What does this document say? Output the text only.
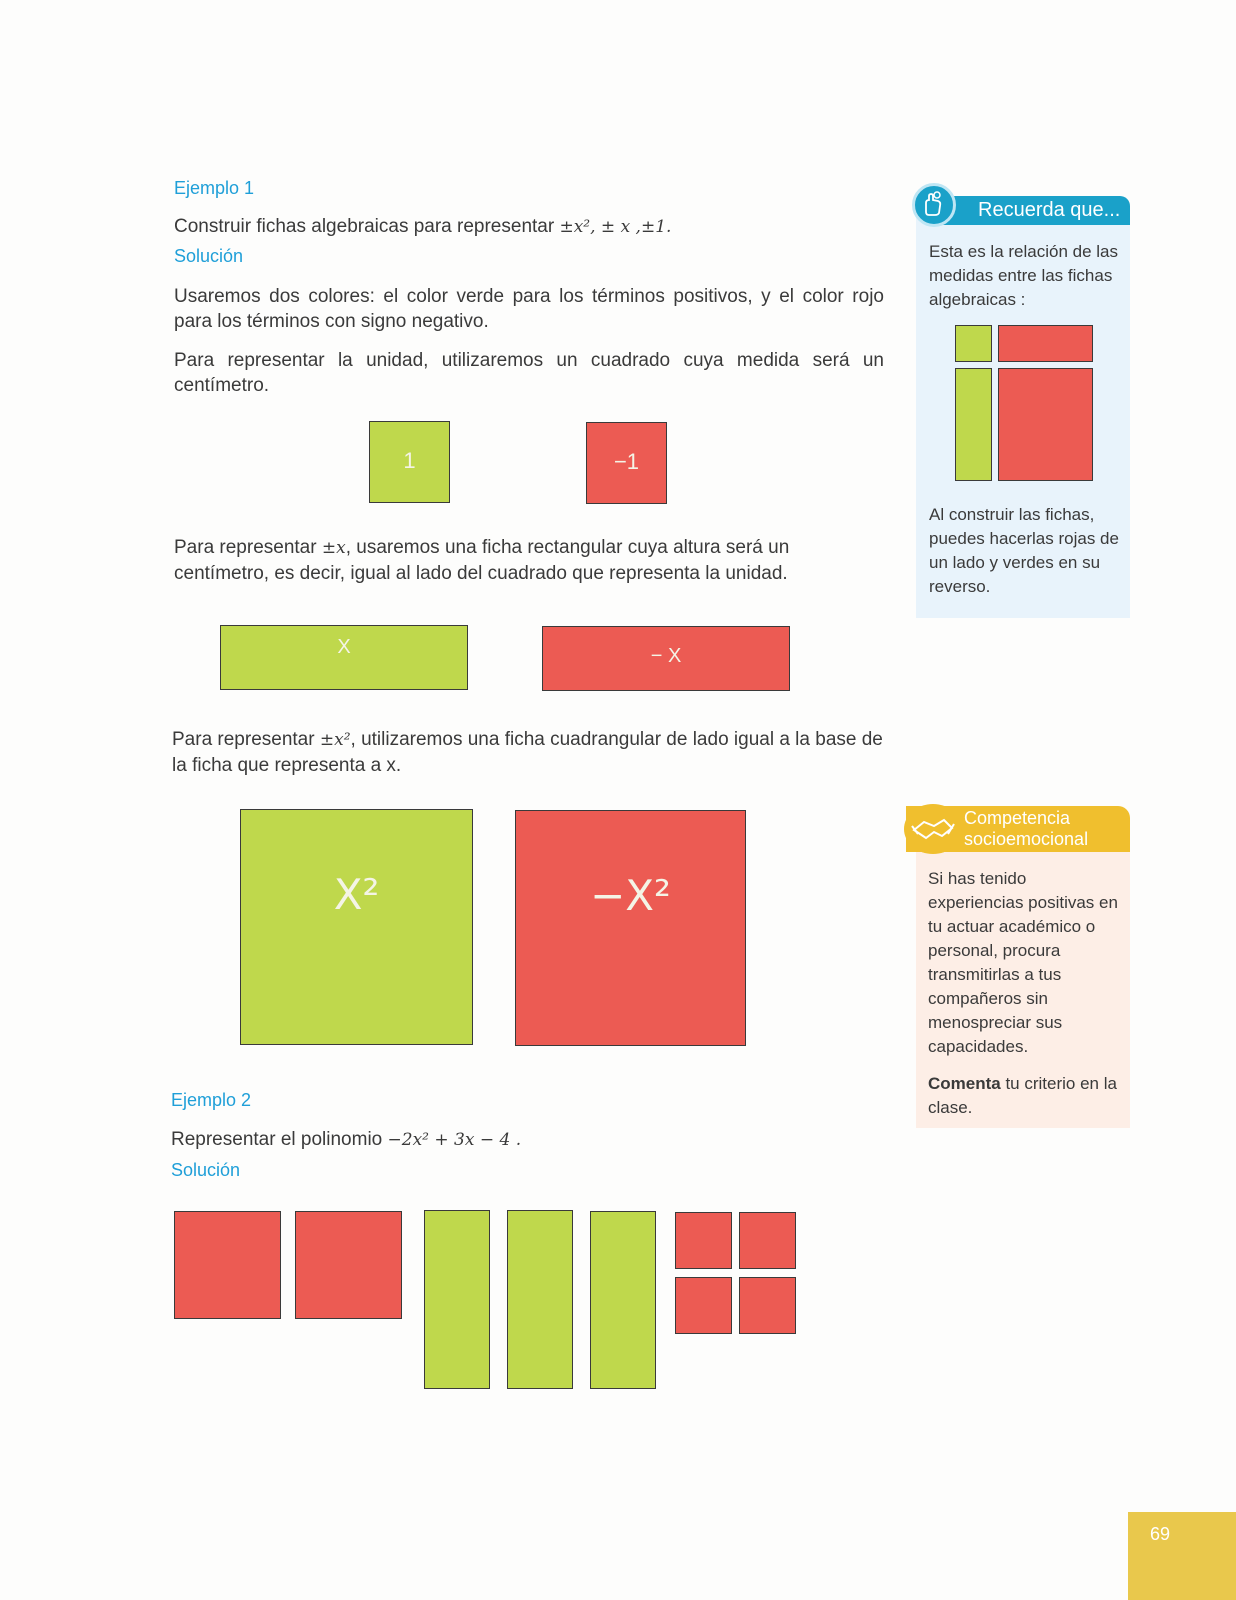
Ejemplo 1
Construir fichas algebraicas para representar ±x², ± x ,±1.
Solución
Usaremos dos colores: el color verde para los términos positivos, y el color rojo para los términos con signo negativo.
Para representar la unidad, utilizaremos un cuadrado cuya medida será un centímetro.
1	−1
Para representar ±x, usaremos una ficha rectangular cuya altura será un centímetro, es decir, igual al lado del cuadrado que representa la unidad.
X	− X
Para representar ±x², utilizaremos una ficha cuadrangular de lado igual a la base de la ficha que representa a x.
X²	−X²
Ejemplo 2
Representar el polinomio −2x² + 3x − 4 .
Solución
Recuerda que...
Esta es la relación de las medidas entre las fichas algebraicas :
Al construir las fichas, puedes hacerlas rojas de un lado y verdes en su reverso.
Competencia socioemocional
Si has tenido experiencias positivas en tu actuar académico o personal, procura transmitirlas a tus compañeros sin menospreciar sus capacidades.
Comenta tu criterio en la clase.
69
